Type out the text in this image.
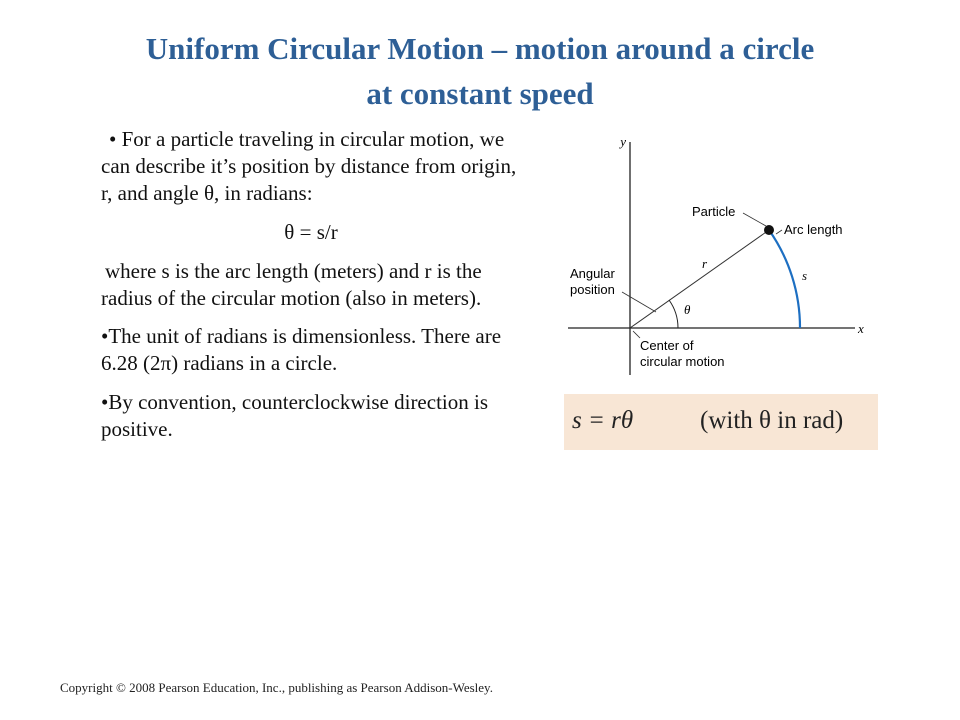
Uniform Circular Motion – motion around a circle
at constant speed

• For a particle traveling in circular motion, we can describe it’s position by distance from origin, r, and angle θ, in radians:

θ = s/r

where s is the arc length (meters) and r is the radius of the circular motion (also in meters).

•The unit of radians is dimensionless. There are 6.28 (2π) radians in a circle.

•By convention, counterclockwise direction is positive.

y
x
r
s
Particle
Arc length
θ
Angular
position
Center of
circular motion
s = rθ	(with θ in rad)
Copyright © 2008 Pearson Education, Inc., publishing as Pearson Addison-Wesley.
